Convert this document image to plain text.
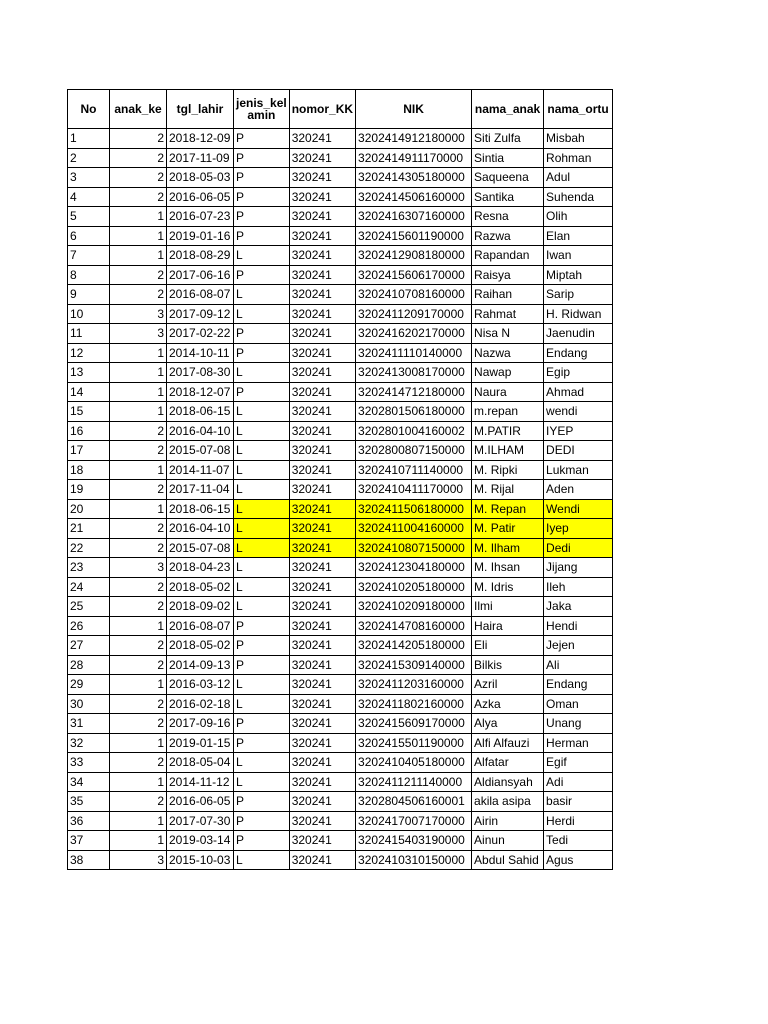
No	anak_ke	tgl_lahir	jenis_kel amin	nomor_KK	NIK	nama_anak	nama_ortu
1	2	2018-12-09	P	320241	3202414912180000	Siti Zulfa	Misbah
2	2	2017-11-09	P	320241	3202414911170000	Sintia	Rohman
3	2	2018-05-03	P	320241	3202414305180000	Saqueena	Adul
4	2	2016-06-05	P	320241	3202414506160000	Santika	Suhenda
5	1	2016-07-23	P	320241	3202416307160000	Resna	Olih
6	1	2019-01-16	P	320241	3202415601190000	Razwa	Elan
7	1	2018-08-29	L	320241	3202412908180000	Rapandan	Iwan
8	2	2017-06-16	P	320241	3202415606170000	Raisya	Miptah
9	2	2016-08-07	L	320241	3202410708160000	Raihan	Sarip
10	3	2017-09-12	L	320241	3202411209170000	Rahmat	H. Ridwan
11	3	2017-02-22	P	320241	3202416202170000	Nisa N	Jaenudin
12	1	2014-10-11	P	320241	3202411110140000	Nazwa	Endang
13	1	2017-08-30	L	320241	3202413008170000	Nawap	Egip
14	1	2018-12-07	P	320241	3202414712180000	Naura	Ahmad
15	1	2018-06-15	L	320241	3202801506180000	m.repan	wendi
16	2	2016-04-10	L	320241	3202801004160002	M.PATIR	IYEP
17	2	2015-07-08	L	320241	3202800807150000	M.ILHAM	DEDI
18	1	2014-11-07	L	320241	3202410711140000	M. Ripki	Lukman
19	2	2017-11-04	L	320241	3202410411170000	M. Rijal	Aden
20	1	2018-06-15	L	320241	3202411506180000	M. Repan	Wendi
21	2	2016-04-10	L	320241	3202411004160000	M. Patir	Iyep
22	2	2015-07-08	L	320241	3202410807150000	M. Ilham	Dedi
23	3	2018-04-23	L	320241	3202412304180000	M. Ihsan	Jijang
24	2	2018-05-02	L	320241	3202410205180000	M. Idris	Ileh
25	2	2018-09-02	L	320241	3202410209180000	Ilmi	Jaka
26	1	2016-08-07	P	320241	3202414708160000	Haira	Hendi
27	2	2018-05-02	P	320241	3202414205180000	Eli	Jejen
28	2	2014-09-13	P	320241	3202415309140000	Bilkis	Ali
29	1	2016-03-12	L	320241	3202411203160000	Azril	Endang
30	2	2016-02-18	L	320241	3202411802160000	Azka	Oman
31	2	2017-09-16	P	320241	3202415609170000	Alya	Unang
32	1	2019-01-15	P	320241	3202415501190000	Alfi Alfauzi	Herman
33	2	2018-05-04	L	320241	3202410405180000	Alfatar	Egif
34	1	2014-11-12	L	320241	3202411211140000	Aldiansyah	Adi
35	2	2016-06-05	P	320241	3202804506160001	akila asipa	basir
36	1	2017-07-30	P	320241	3202417007170000	Airin	Herdi
37	1	2019-03-14	P	320241	3202415403190000	Ainun	Tedi
38	3	2015-10-03	L	320241	3202410310150000	Abdul Sahid	Agus
